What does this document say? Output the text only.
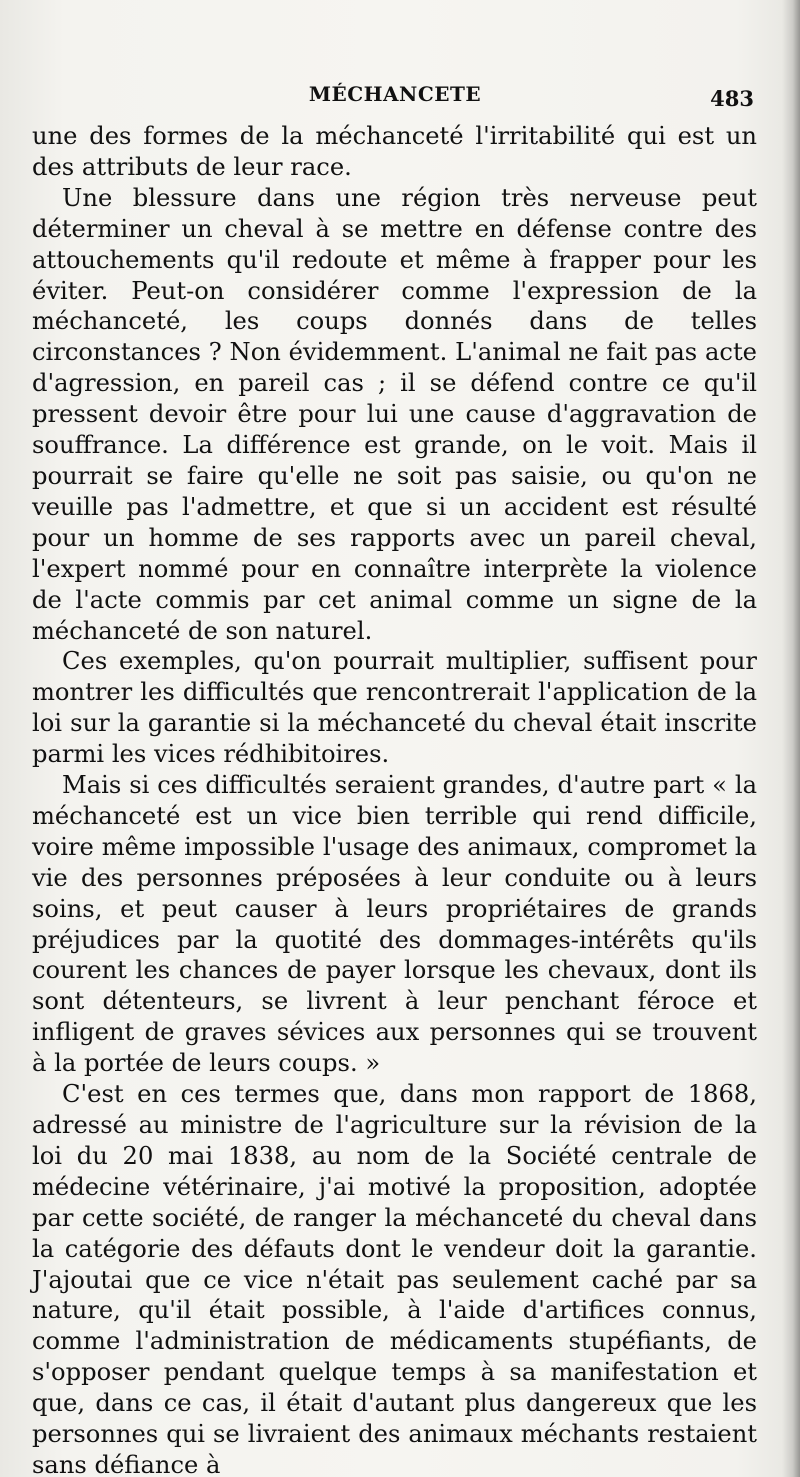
MÉCHANCETE	483

une des formes de la méchanceté l'irritabilité qui est un des attributs de leur race.

Une blessure dans une région très nerveuse peut déterminer un cheval à se mettre en défense contre des attouchements qu'il redoute et même à frapper pour les éviter. Peut-on considérer comme l'expression de la méchanceté, les coups donnés dans de telles circonstances ? Non évidemment. L'animal ne fait pas acte d'agression, en pareil cas ; il se défend contre ce qu'il pressent devoir être pour lui une cause d'aggravation de souffrance. La différence est grande, on le voit. Mais il pourrait se faire qu'elle ne soit pas saisie, ou qu'on ne veuille pas l'admettre, et que si un accident est résulté pour un homme de ses rapports avec un pareil cheval, l'expert nommé pour en connaître interprète la violence de l'acte commis par cet animal comme un signe de la méchanceté de son naturel.

Ces exemples, qu'on pourrait multiplier, suffisent pour montrer les difficultés que rencontrerait l'application de la loi sur la garantie si la méchanceté du cheval était inscrite parmi les vices rédhibitoires.

Mais si ces difficultés seraient grandes, d'autre part « la méchanceté est un vice bien terrible qui rend difficile, voire même impossible l'usage des animaux, compromet la vie des personnes préposées à leur conduite ou à leurs soins, et peut causer à leurs propriétaires de grands préjudices par la quotité des dommages-intérêts qu'ils courent les chances de payer lorsque les chevaux, dont ils sont détenteurs, se livrent à leur penchant féroce et infligent de graves sévices aux personnes qui se trouvent à la portée de leurs coups. »

C'est en ces termes que, dans mon rapport de 1868, adressé au ministre de l'agriculture sur la révision de la loi du 20 mai 1838, au nom de la Société centrale de médecine vétérinaire, j'ai motivé la proposition, adoptée par cette société, de ranger la méchanceté du cheval dans la catégorie des défauts dont le vendeur doit la garantie. J'ajoutai que ce vice n'était pas seulement caché par sa nature, qu'il était possible, à l'aide d'artifices connus, comme l'administration de médicaments stupéfiants, de s'opposer pendant quelque temps à sa manifestation et que, dans ce cas, il était d'autant plus dangereux que les personnes qui se livraient des animaux méchants restaient sans défiance à
